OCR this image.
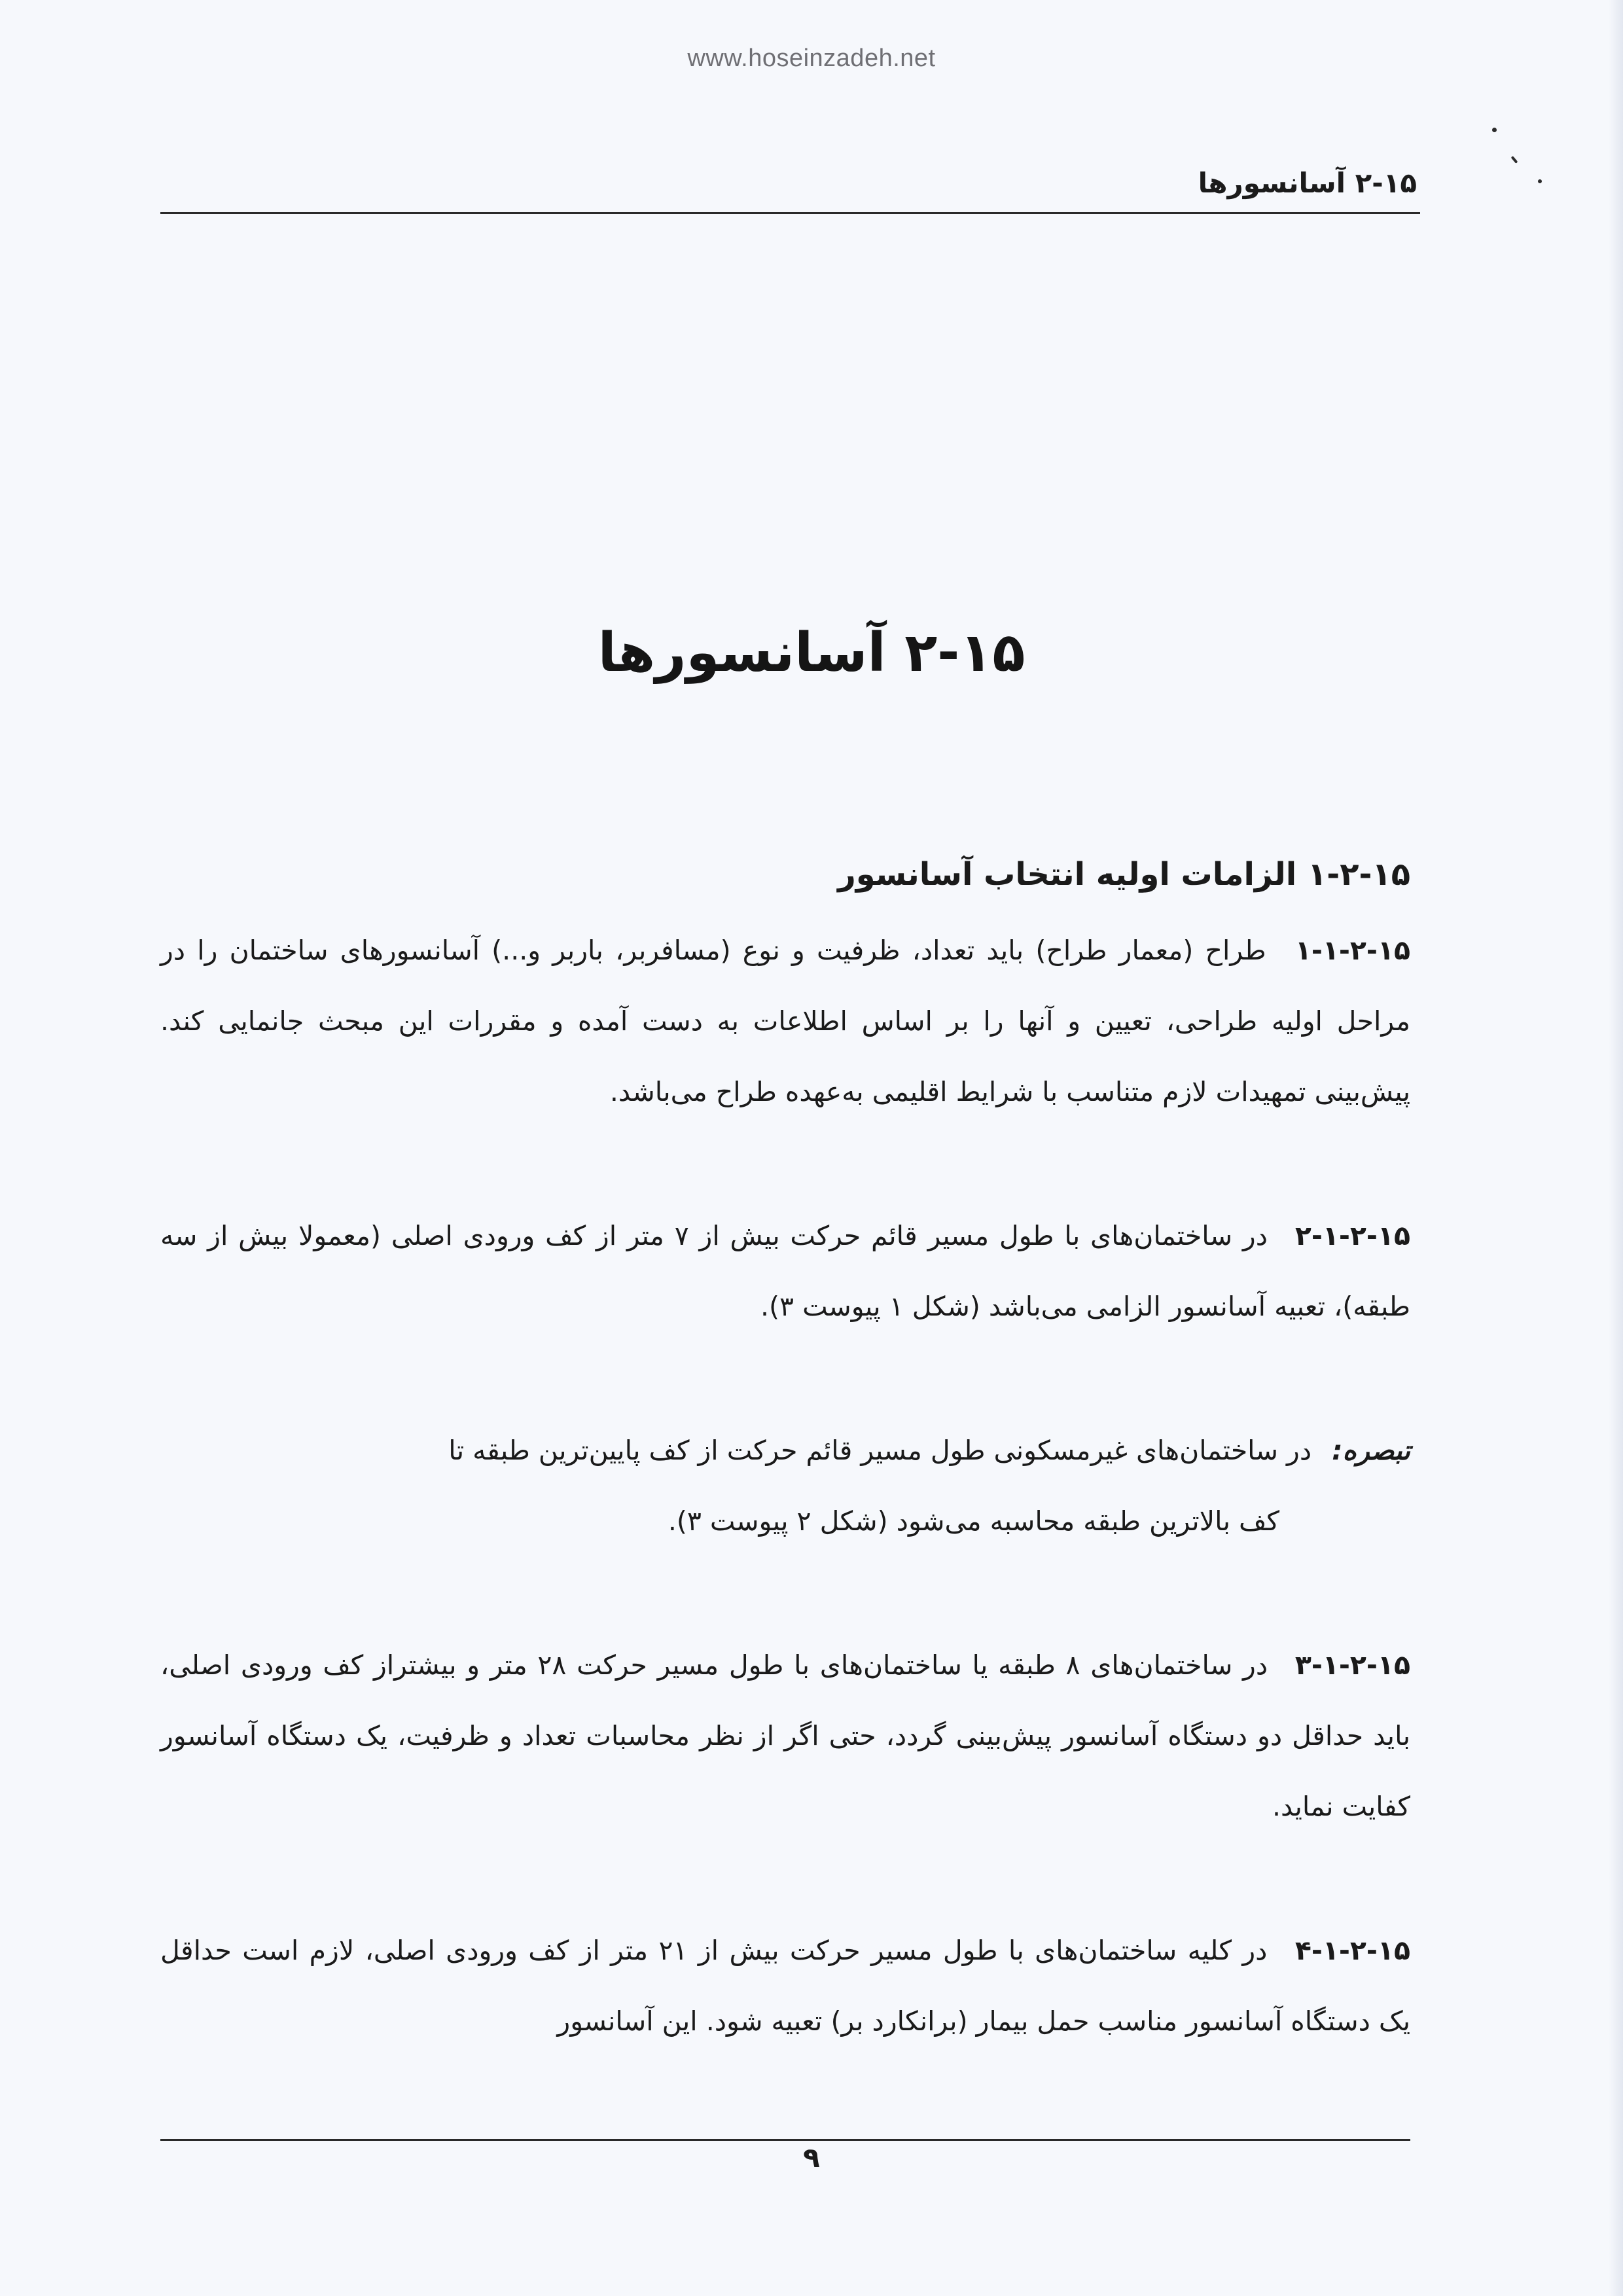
www.hoseinzadeh.net
۲-۱۵ آسانسورها
۲-۱۵ آسانسورها
۱-۲-۱۵ الزامات اولیه انتخاب آسانسور

۱-۱-۲-۱۵ طراح (معمار طراح) باید تعداد، ظرفیت و نوع (مسافربر، باربر و...) آسانسورهای ساختمان را در مراحل اولیه طراحی، تعیین و آنها را بر اساس اطلاعات به دست آمده و مقررات این مبحث جانمایی کند. پیش‌بینی تمهیدات لازم متناسب با شرایط اقلیمی به‌عهده طراح می‌باشد.

۲-۱-۲-۱۵ در ساختمان‌های با طول مسیر قائم حرکت بیش از ۷ متر از کف ورودی اصلی (معمولا بیش از سه طبقه)، تعبیه آسانسور الزامی می‌باشد (شکل ۱ پیوست ۳).

تبصره: در ساختمان‌های غیرمسکونی طول مسیر قائم حرکت از کف پایین‌ترین طبقه تا
کف بالاترین طبقه محاسبه می‌شود (شکل ۲ پیوست ۳).

۳-۱-۲-۱۵ در ساختمان‌های ۸ طبقه یا ساختمان‌های با طول مسیر حرکت ۲۸ متر و بیشتراز کف ورودی اصلی، باید حداقل دو دستگاه آسانسور پیش‌بینی گردد، حتی اگر از نظر محاسبات تعداد و ظرفیت، یک دستگاه آسانسور کفایت نماید.

۴-۱-۲-۱۵ در کلیه ساختمان‌های با طول مسیر حرکت بیش از ۲۱ متر از کف ورودی اصلی، لازم است حداقل یک دستگاه آسانسور مناسب حمل بیمار (برانکارد بر) تعبیه شود. این آسانسور

۹
